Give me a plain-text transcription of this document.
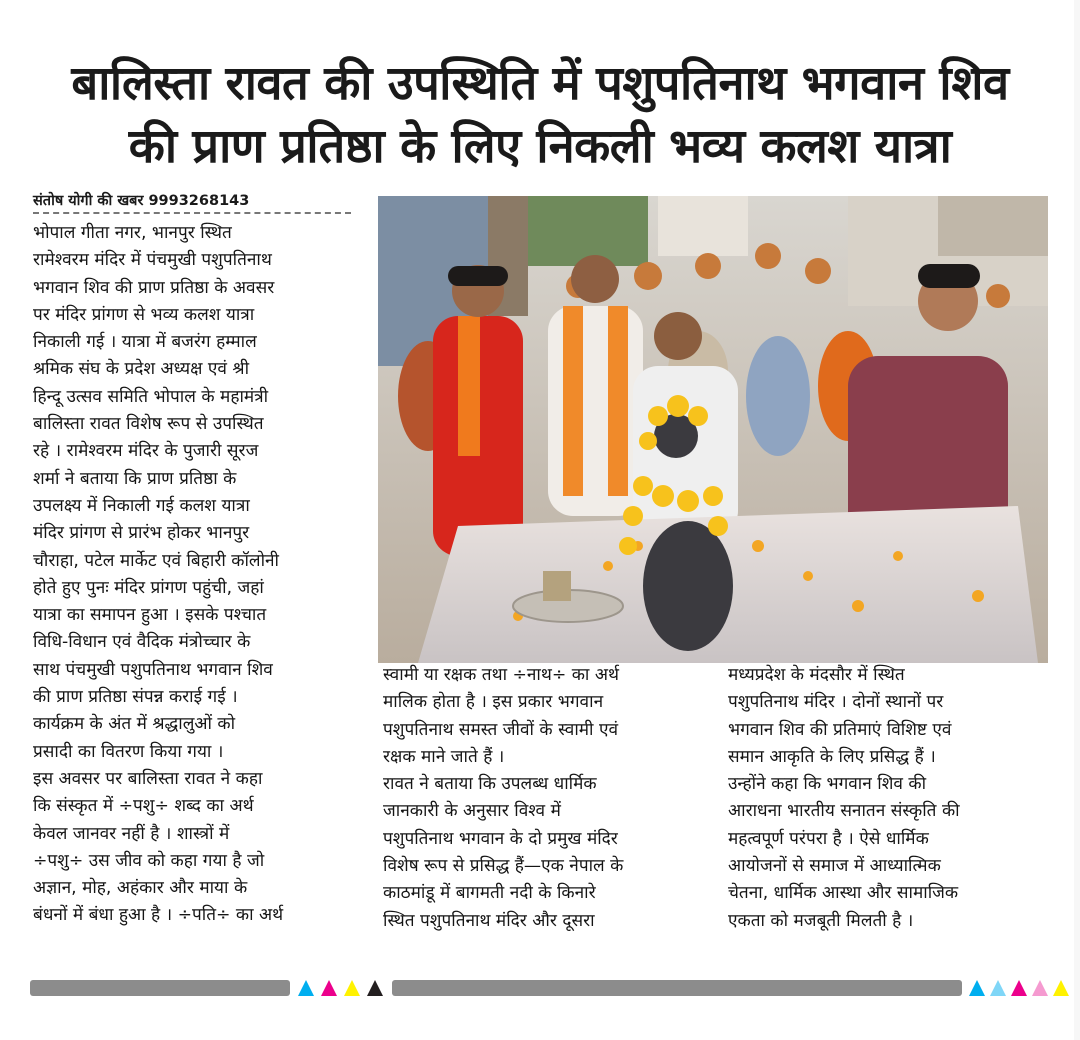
बालिस्ता रावत की उपस्थिति में पशुपतिनाथ भगवान शिव
की प्राण प्रतिष्ठा के लिए निकली भव्य कलश यात्रा
संतोष योगी की खबर 9993268143
भोपाल गीता नगर, भानपुर स्थित
रामेश्वरम मंदिर में पंचमुखी पशुपतिनाथ
भगवान शिव की प्राण प्रतिष्ठा के अवसर
पर मंदिर प्रांगण से भव्य कलश यात्रा
निकाली गई । यात्रा में बजरंग हम्माल
श्रमिक संघ के प्रदेश अध्यक्ष एवं श्री
हिन्दू उत्सव समिति भोपाल के महामंत्री
बालिस्ता रावत विशेष रूप से उपस्थित
रहे । रामेश्वरम मंदिर के पुजारी सूरज
शर्मा ने बताया कि प्राण प्रतिष्ठा के
उपलक्ष्य में निकाली गई कलश यात्रा
मंदिर प्रांगण से प्रारंभ होकर भानपुर
चौराहा, पटेल मार्केट एवं बिहारी कॉलोनी
होते हुए पुनः मंदिर प्रांगण पहुंची, जहां
यात्रा का समापन हुआ । इसके पश्चात
विधि-विधान एवं वैदिक मंत्रोच्चार के
साथ पंचमुखी पशुपतिनाथ भगवान शिव
की प्राण प्रतिष्ठा संपन्न कराई गई ।
कार्यक्रम के अंत में श्रद्धालुओं को
प्रसादी का वितरण किया गया ।
इस अवसर पर बालिस्ता रावत ने कहा
कि संस्कृत में ÷पशु÷ शब्द का अर्थ
केवल जानवर नहीं है । शास्त्रों में
÷पशु÷ उस जीव को कहा गया है जो
अज्ञान, मोह, अहंकार और माया के
बंधनों में बंधा हुआ है । ÷पति÷ का अर्थ
स्वामी या रक्षक तथा ÷नाथ÷ का अर्थ
मालिक होता है । इस प्रकार भगवान
पशुपतिनाथ समस्त जीवों के स्वामी एवं
रक्षक माने जाते हैं ।
रावत ने बताया कि उपलब्ध धार्मिक
जानकारी के अनुसार विश्व में
पशुपतिनाथ भगवान के दो प्रमुख मंदिर
विशेष रूप से प्रसिद्ध हैं—एक नेपाल के
काठमांडू में बागमती नदी के किनारे
स्थित पशुपतिनाथ मंदिर और दूसरा
मध्यप्रदेश के मंदसौर में स्थित
पशुपतिनाथ मंदिर । दोनों स्थानों पर
भगवान शिव की प्रतिमाएं विशिष्ट एवं
समान आकृति के लिए प्रसिद्ध हैं ।
उन्होंने कहा कि भगवान शिव की
आराधना भारतीय सनातन संस्कृति की
महत्वपूर्ण परंपरा है । ऐसे धार्मिक
आयोजनों से समाज में आध्यात्मिक
चेतना, धार्मिक आस्था और सामाजिक
एकता को मजबूती मिलती है ।
